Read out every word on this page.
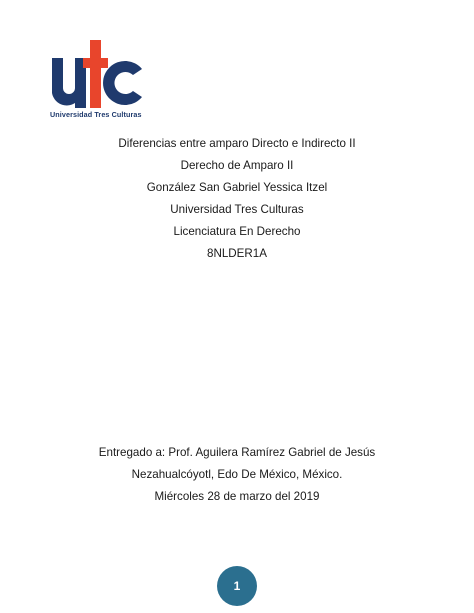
Universidad Tres Culturas

Diferencias entre amparo Directo e Indirecto II

Derecho de Amparo II

González San Gabriel Yessica Itzel

Universidad Tres Culturas

Licenciatura En Derecho

8NLDER1A

Entregado a: Prof. Aguilera Ramírez Gabriel de Jesús

Nezahualcóyotl, Edo De México, México.

Miércoles 28 de marzo del 2019

1
